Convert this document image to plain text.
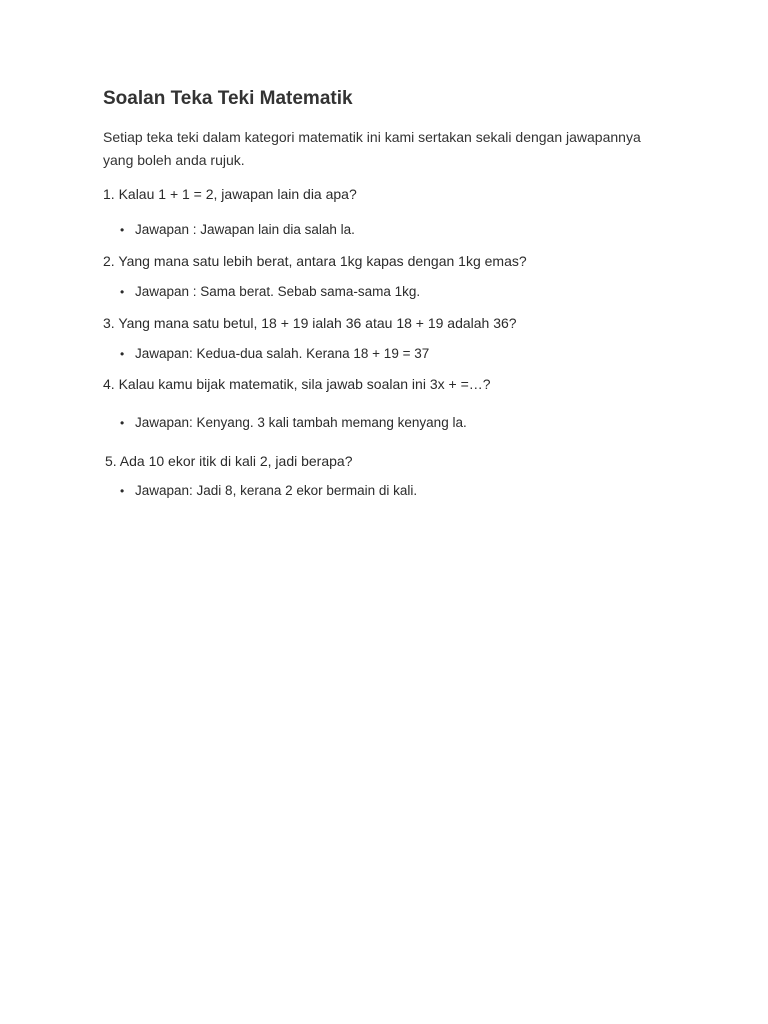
Soalan Teka Teki Matematik

Setiap teka teki dalam kategori matematik ini kami sertakan sekali dengan jawapannya yang boleh anda rujuk.

1. Kalau 1 + 1 = 2, jawapan lain dia apa?
• Jawapan : Jawapan lain dia salah la.
2. Yang mana satu lebih berat, antara 1kg kapas dengan 1kg emas?
• Jawapan : Sama berat. Sebab sama-sama 1kg.
3. Yang mana satu betul, 18 + 19 ialah 36 atau 18 + 19 adalah 36?
• Jawapan: Kedua-dua salah. Kerana 18 + 19 = 37
4. Kalau kamu bijak matematik, sila jawab soalan ini 3x + =…?
• Jawapan: Kenyang. 3 kali tambah memang kenyang la.
5. Ada 10 ekor itik di kali 2, jadi berapa?
• Jawapan: Jadi 8, kerana 2 ekor bermain di kali.
